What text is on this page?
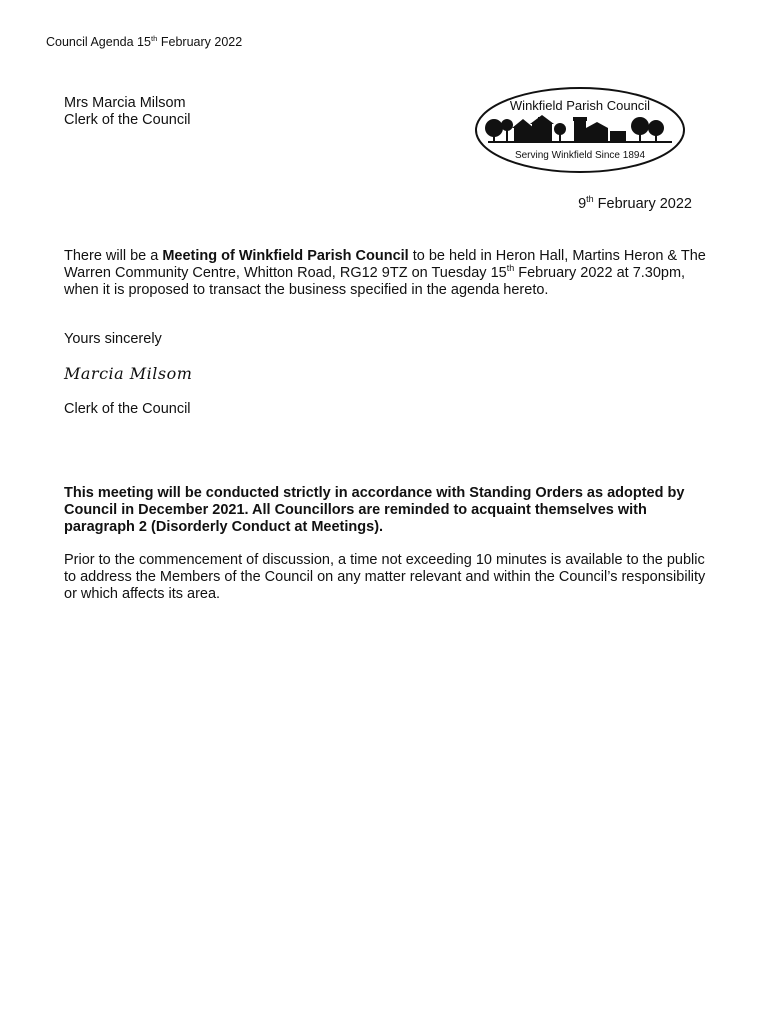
Council Agenda 15th February 2022
Mrs Marcia Milsom
Clerk of the Council
Winkfield Parish Council
Serving Winkfield Since 1894
9th February 2022
There will be a Meeting of Winkfield Parish Council to be held in Heron Hall, Martins Heron & The Warren Community Centre, Whitton Road, RG12 9TZ on Tuesday 15th February 2022 at 7.30pm, when it is proposed to transact the business specified in the agenda hereto.
Yours sincerely
Marcia Milsom
Clerk of the Council
This meeting will be conducted strictly in accordance with Standing Orders as adopted by Council in December 2021. All Councillors are reminded to acquaint themselves with paragraph 2 (Disorderly Conduct at Meetings).
Prior to the commencement of discussion, a time not exceeding 10 minutes is available to the public to address the Members of the Council on any matter relevant and within the Council’s responsibility or which affects its area.
